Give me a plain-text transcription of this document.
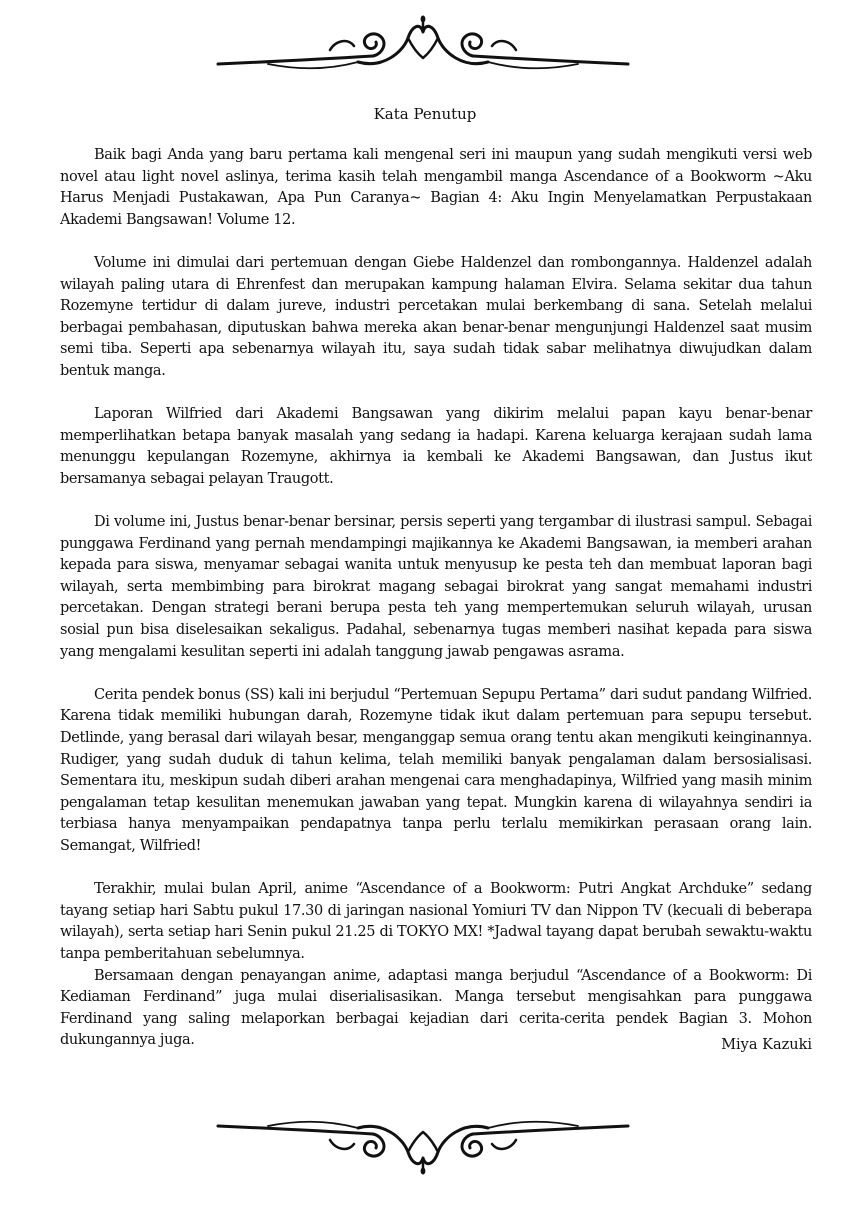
Kata Penutup

Baik bagi Anda yang baru pertama kali mengenal seri ini maupun yang sudah mengikuti versi web novel atau light novel aslinya, terima kasih telah mengambil manga Ascendance of a Bookworm ~Aku Harus Menjadi Pustakawan, Apa Pun Caranya~ Bagian 4: Aku Ingin Menyelamatkan Perpustakaan Akademi Bangsawan! Volume 12.

Volume ini dimulai dari pertemuan dengan Giebe Haldenzel dan rombongannya. Haldenzel adalah wilayah paling utara di Ehrenfest dan merupakan kampung halaman Elvira. Selama sekitar dua tahun Rozemyne tertidur di dalam jureve, industri percetakan mulai berkembang di sana. Setelah melalui berbagai pembahasan, diputuskan bahwa mereka akan benar-benar mengunjungi Haldenzel saat musim semi tiba. Seperti apa sebenarnya wilayah itu, saya sudah tidak sabar melihatnya diwujudkan dalam bentuk manga.

Laporan Wilfried dari Akademi Bangsawan yang dikirim melalui papan kayu benar-benar memperlihatkan betapa banyak masalah yang sedang ia hadapi. Karena keluarga kerajaan sudah lama menunggu kepulangan Rozemyne, akhirnya ia kembali ke Akademi Bangsawan, dan Justus ikut bersamanya sebagai pelayan Traugott.

Di volume ini, Justus benar-benar bersinar, persis seperti yang tergambar di ilustrasi sampul. Sebagai punggawa Ferdinand yang pernah mendampingi majikannya ke Akademi Bangsawan, ia memberi arahan kepada para siswa, menyamar sebagai wanita untuk menyusup ke pesta teh dan membuat laporan bagi wilayah, serta membimbing para birokrat magang sebagai birokrat yang sangat memahami industri percetakan. Dengan strategi berani berupa pesta teh yang mempertemukan seluruh wilayah, urusan sosial pun bisa diselesaikan sekaligus. Padahal, sebenarnya tugas memberi nasihat kepada para siswa yang mengalami kesulitan seperti ini adalah tanggung jawab pengawas asrama.

Cerita pendek bonus (SS) kali ini berjudul “Pertemuan Sepupu Pertama” dari sudut pandang Wilfried. Karena tidak memiliki hubungan darah, Rozemyne tidak ikut dalam pertemuan para sepupu tersebut. Detlinde, yang berasal dari wilayah besar, menganggap semua orang tentu akan mengikuti keinginannya. Rudiger, yang sudah duduk di tahun kelima, telah memiliki banyak pengalaman dalam bersosialisasi. Sementara itu, meskipun sudah diberi arahan mengenai cara menghadapinya, Wilfried yang masih minim pengalaman tetap kesulitan menemukan jawaban yang tepat. Mungkin karena di wilayahnya sendiri ia terbiasa hanya menyampaikan pendapatnya tanpa perlu terlalu memikirkan perasaan orang lain. Semangat, Wilfried!

Terakhir, mulai bulan April, anime “Ascendance of a Bookworm: Putri Angkat Archduke” sedang tayang setiap hari Sabtu pukul 17.30 di jaringan nasional Yomiuri TV dan Nippon TV (kecuali di beberapa wilayah), serta setiap hari Senin pukul 21.25 di TOKYO MX! *Jadwal tayang dapat berubah sewaktu-waktu tanpa pemberitahuan sebelumnya.

Bersamaan dengan penayangan anime, adaptasi manga berjudul “Ascendance of a Bookworm: Di Kediaman Ferdinand” juga mulai diserialisasikan. Manga tersebut mengisahkan para punggawa Ferdinand yang saling melaporkan berbagai kejadian dari cerita-cerita pendek Bagian 3. Mohon dukungannya juga.	Miya Kazuki
